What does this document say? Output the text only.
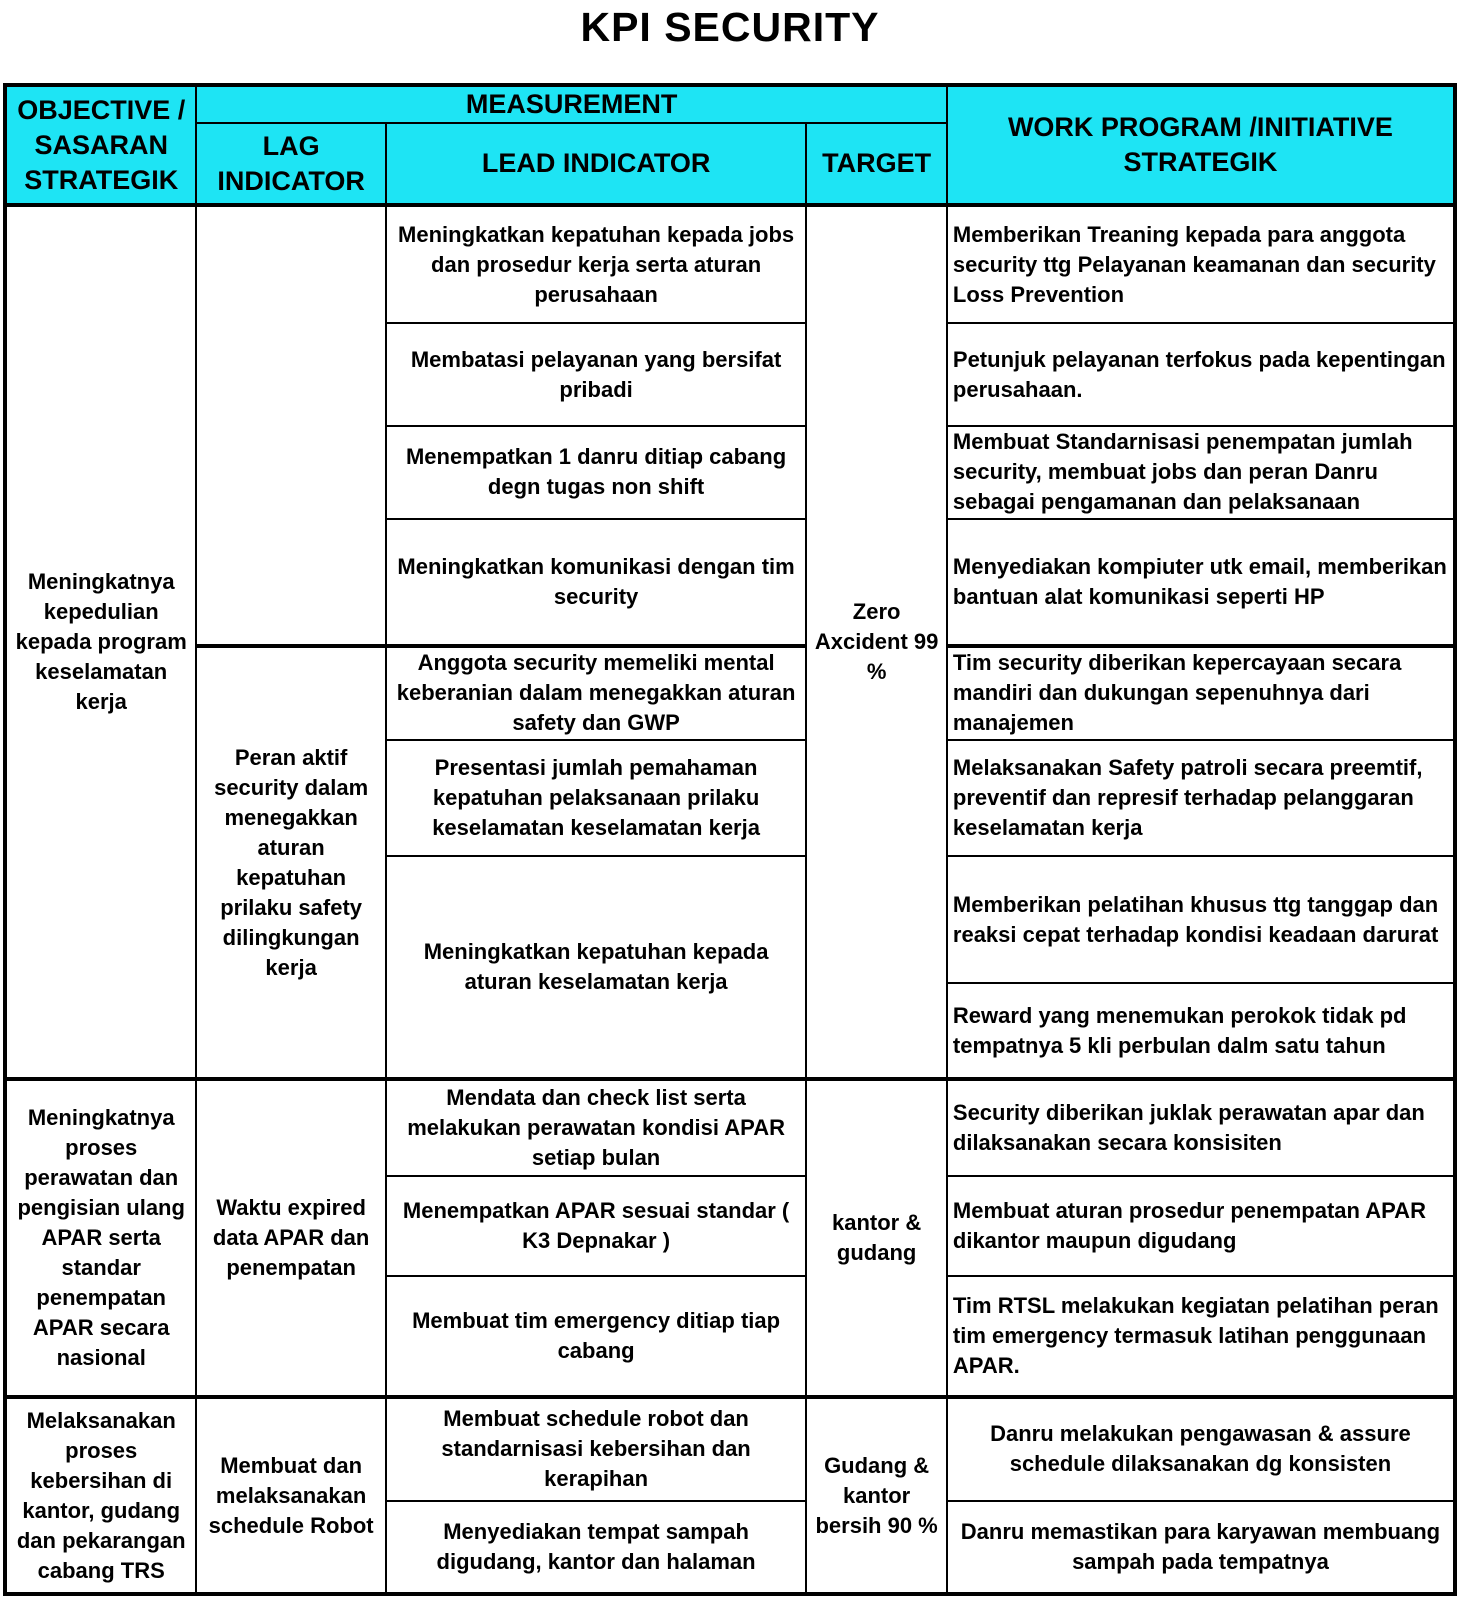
KPI SECURITY
OBJECTIVE / SASARAN STRATEGIK	MEASUREMENT			WORK PROGRAM /INITIATIVE STRATEGIK
	LAG INDICATOR	LEAD INDICATOR	TARGET	
Meningkatnya kepedulian kepada program keselamatan kerja		Meningkatkan kepatuhan kepada jobs dan prosedur kerja serta aturan perusahaan	Zero Axcident 99 %	Memberikan Treaning kepada para anggota security ttg Pelayanan keamanan dan security Loss Prevention
		Membatasi pelayanan yang bersifat pribadi		Petunjuk pelayanan terfokus pada kepentingan perusahaan.
		Menempatkan 1 danru ditiap cabang degn tugas non shift		Membuat Standarnisasi penempatan jumlah security, membuat jobs dan peran Danru sebagai pengamanan dan pelaksanaan
		Meningkatkan komunikasi dengan tim security		Menyediakan kompiuter utk email, memberikan bantuan alat komunikasi seperti HP
	Peran aktif security dalam menegakkan aturan kepatuhan prilaku safety dilingkungan kerja	Anggota security memeliki mental keberanian dalam menegakkan aturan safety dan GWP		Tim security diberikan kepercayaan secara mandiri dan dukungan sepenuhnya dari manajemen
		Presentasi jumlah pemahaman kepatuhan pelaksanaan prilaku keselamatan keselamatan kerja		Melaksanakan Safety patroli secara preemtif, preventif dan represif terhadap pelanggaran keselamatan kerja
		Meningkatkan kepatuhan kepada aturan keselamatan kerja		Memberikan pelatihan khusus ttg tanggap dan reaksi cepat terhadap kondisi keadaan darurat
				Reward yang menemukan perokok tidak pd tempatnya 5 kli perbulan dalm satu tahun
Meningkatnya proses perawatan dan pengisian ulang APAR serta standar penempatan APAR secara nasional	Waktu expired data APAR dan penempatan	Mendata dan check list serta melakukan perawatan kondisi APAR setiap bulan	kantor & gudang	Security diberikan juklak perawatan apar dan dilaksanakan secara konsisiten
		Menempatkan APAR sesuai standar ( K3 Depnakar )		Membuat aturan prosedur penempatan APAR dikantor maupun digudang
		Membuat tim emergency ditiap tiap cabang		Tim RTSL melakukan kegiatan pelatihan peran tim emergency termasuk latihan penggunaan APAR.
Melaksanakan proses kebersihan di kantor, gudang dan pekarangan cabang TRS	Membuat dan melaksanakan schedule Robot	Membuat schedule robot dan standarnisasi kebersihan dan kerapihan	Gudang & kantor bersih 90 %	Danru melakukan pengawasan & assure schedule dilaksanakan dg konsisten
		Menyediakan tempat sampah digudang, kantor dan halaman		Danru memastikan para karyawan membuang sampah pada tempatnya
